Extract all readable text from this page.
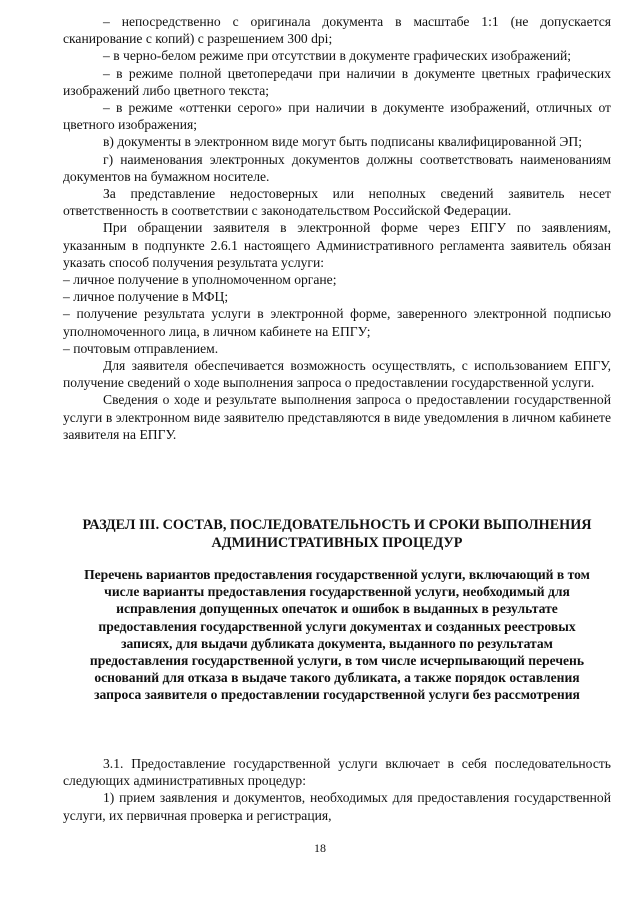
– непосредственно с оригинала документа в масштабе 1:1 (не допускается сканирование с копий) с разрешением 300 dpi;

– в черно-белом режиме при отсутствии в документе графических изображений;

– в режиме полной цветопередачи при наличии в документе цветных графических изображений либо цветного текста;

– в режиме «оттенки серого» при наличии в документе изображений, отличных от цветного изображения;

в) документы в электронном виде могут быть подписаны квалифицированной ЭП;

г) наименования электронных документов должны соответствовать наименованиям документов на бумажном носителе.

За представление недостоверных или неполных сведений заявитель несет ответственность в соответствии с законодательством Российской Федерации.

При обращении заявителя в электронной форме через ЕПГУ по заявлениям, указанным в подпункте 2.6.1 настоящего Административного регламента заявитель обязан указать способ получения результата услуги:

– личное получение в уполномоченном органе;

– личное получение в МФЦ;

– получение результата услуги в электронной форме, заверенного электронной подписью уполномоченного лица, в личном кабинете на ЕПГУ;

– почтовым отправлением.

Для заявителя обеспечивается возможность осуществлять, с использованием ЕПГУ, получение сведений о ходе выполнения запроса о предоставлении государственной услуги.

Сведения о ходе и результате выполнения запроса о предоставлении государственной услуги в электронном виде заявителю представляются в виде уведомления в личном кабинете заявителя на ЕПГУ.

РАЗДЕЛ III. СОСТАВ, ПОСЛЕДОВАТЕЛЬНОСТЬ И СРОКИ ВЫПОЛНЕНИЯ АДМИНИСТРАТИВНЫХ ПРОЦЕДУР
Перечень вариантов предоставления государственной услуги, включающий в том числе варианты предоставления государственной услуги, необходимый для исправления допущенных опечаток и ошибок в выданных в результате предоставления государственной услуги документах и созданных реестровых записях, для выдачи дубликата документа, выданного по результатам предоставления государственной услуги, в том числе исчерпывающий перечень оснований для отказа в выдаче такого дубликата, а также порядок оставления запроса заявителя о предоставлении государственной услуги без рассмотрения

3.1. Предоставление государственной услуги включает в себя последовательность следующих административных процедур:

1) прием заявления и документов, необходимых для предоставления государственной услуги, их первичная проверка и регистрация,

18
